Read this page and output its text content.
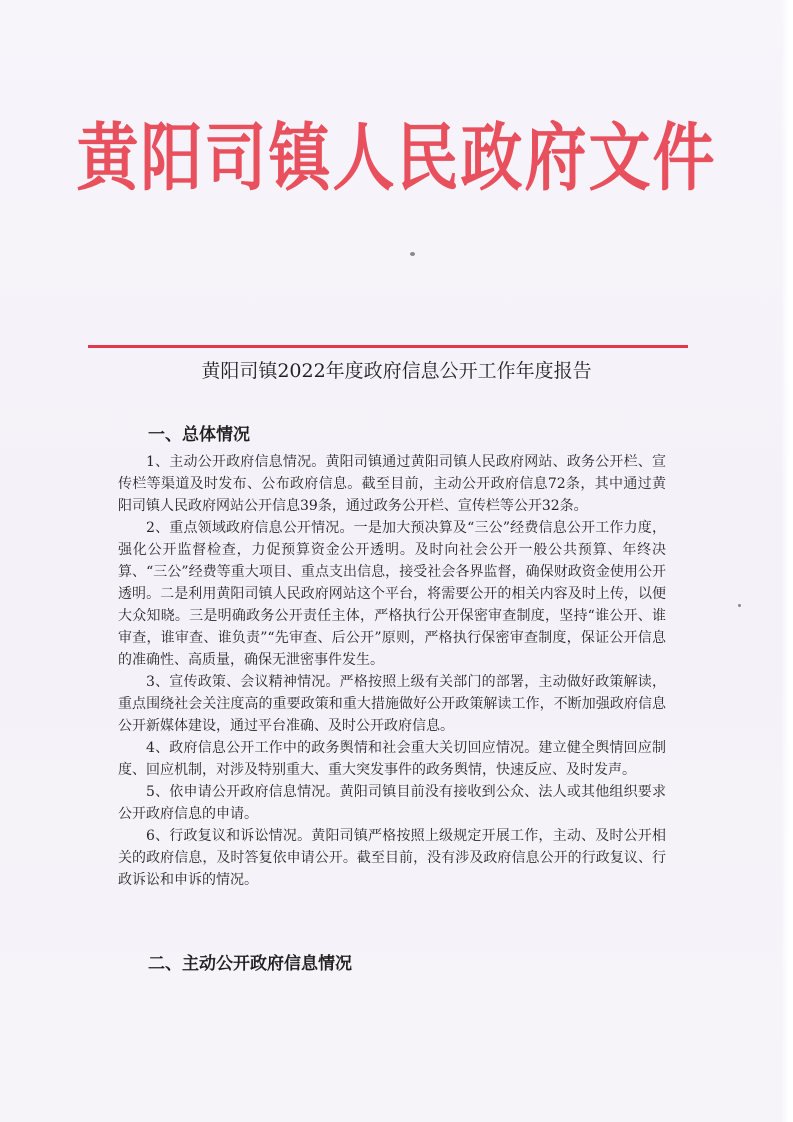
黄阳司镇人民政府文件
黄阳司镇2022年度政府信息公开工作年度报告
一、总体情况

1、主动公开政府信息情况。黄阳司镇通过黄阳司镇人民政府网站、政务公开栏、宣传栏等渠道及时发布、公布政府信息。截至目前，主动公开政府信息72条，其中通过黄阳司镇人民政府网站公开信息39条，通过政务公开栏、宣传栏等公开32条。

2、重点领域政府信息公开情况。一是加大预决算及“三公”经费信息公开工作力度，强化公开监督检查，力促预算资金公开透明。及时向社会公开一般公共预算、年终决算、“三公”经费等重大项目、重点支出信息，接受社会各界监督，确保财政资金使用公开透明。二是利用黄阳司镇人民政府网站这个平台，将需要公开的相关内容及时上传，以便大众知晓。三是明确政务公开责任主体，严格执行公开保密审查制度，坚持“谁公开、谁审查，谁审查、谁负责”“先审查、后公开”原则，严格执行保密审查制度，保证公开信息的准确性、高质量，确保无泄密事件发生。

3、宣传政策、会议精神情况。严格按照上级有关部门的部署，主动做好政策解读，重点围绕社会关注度高的重要政策和重大措施做好公开政策解读工作，不断加强政府信息公开新媒体建设，通过平台准确、及时公开政府信息。

4、政府信息公开工作中的政务舆情和社会重大关切回应情况。建立健全舆情回应制度、回应机制，对涉及特别重大、重大突发事件的政务舆情，快速反应、及时发声。

5、依申请公开政府信息情况。黄阳司镇目前没有接收到公众、法人或其他组织要求公开政府信息的申请。

6、行政复议和诉讼情况。黄阳司镇严格按照上级规定开展工作，主动、及时公开相关的政府信息，及时答复依申请公开。截至目前，没有涉及政府信息公开的行政复议、行政诉讼和申诉的情况。

二、主动公开政府信息情况
